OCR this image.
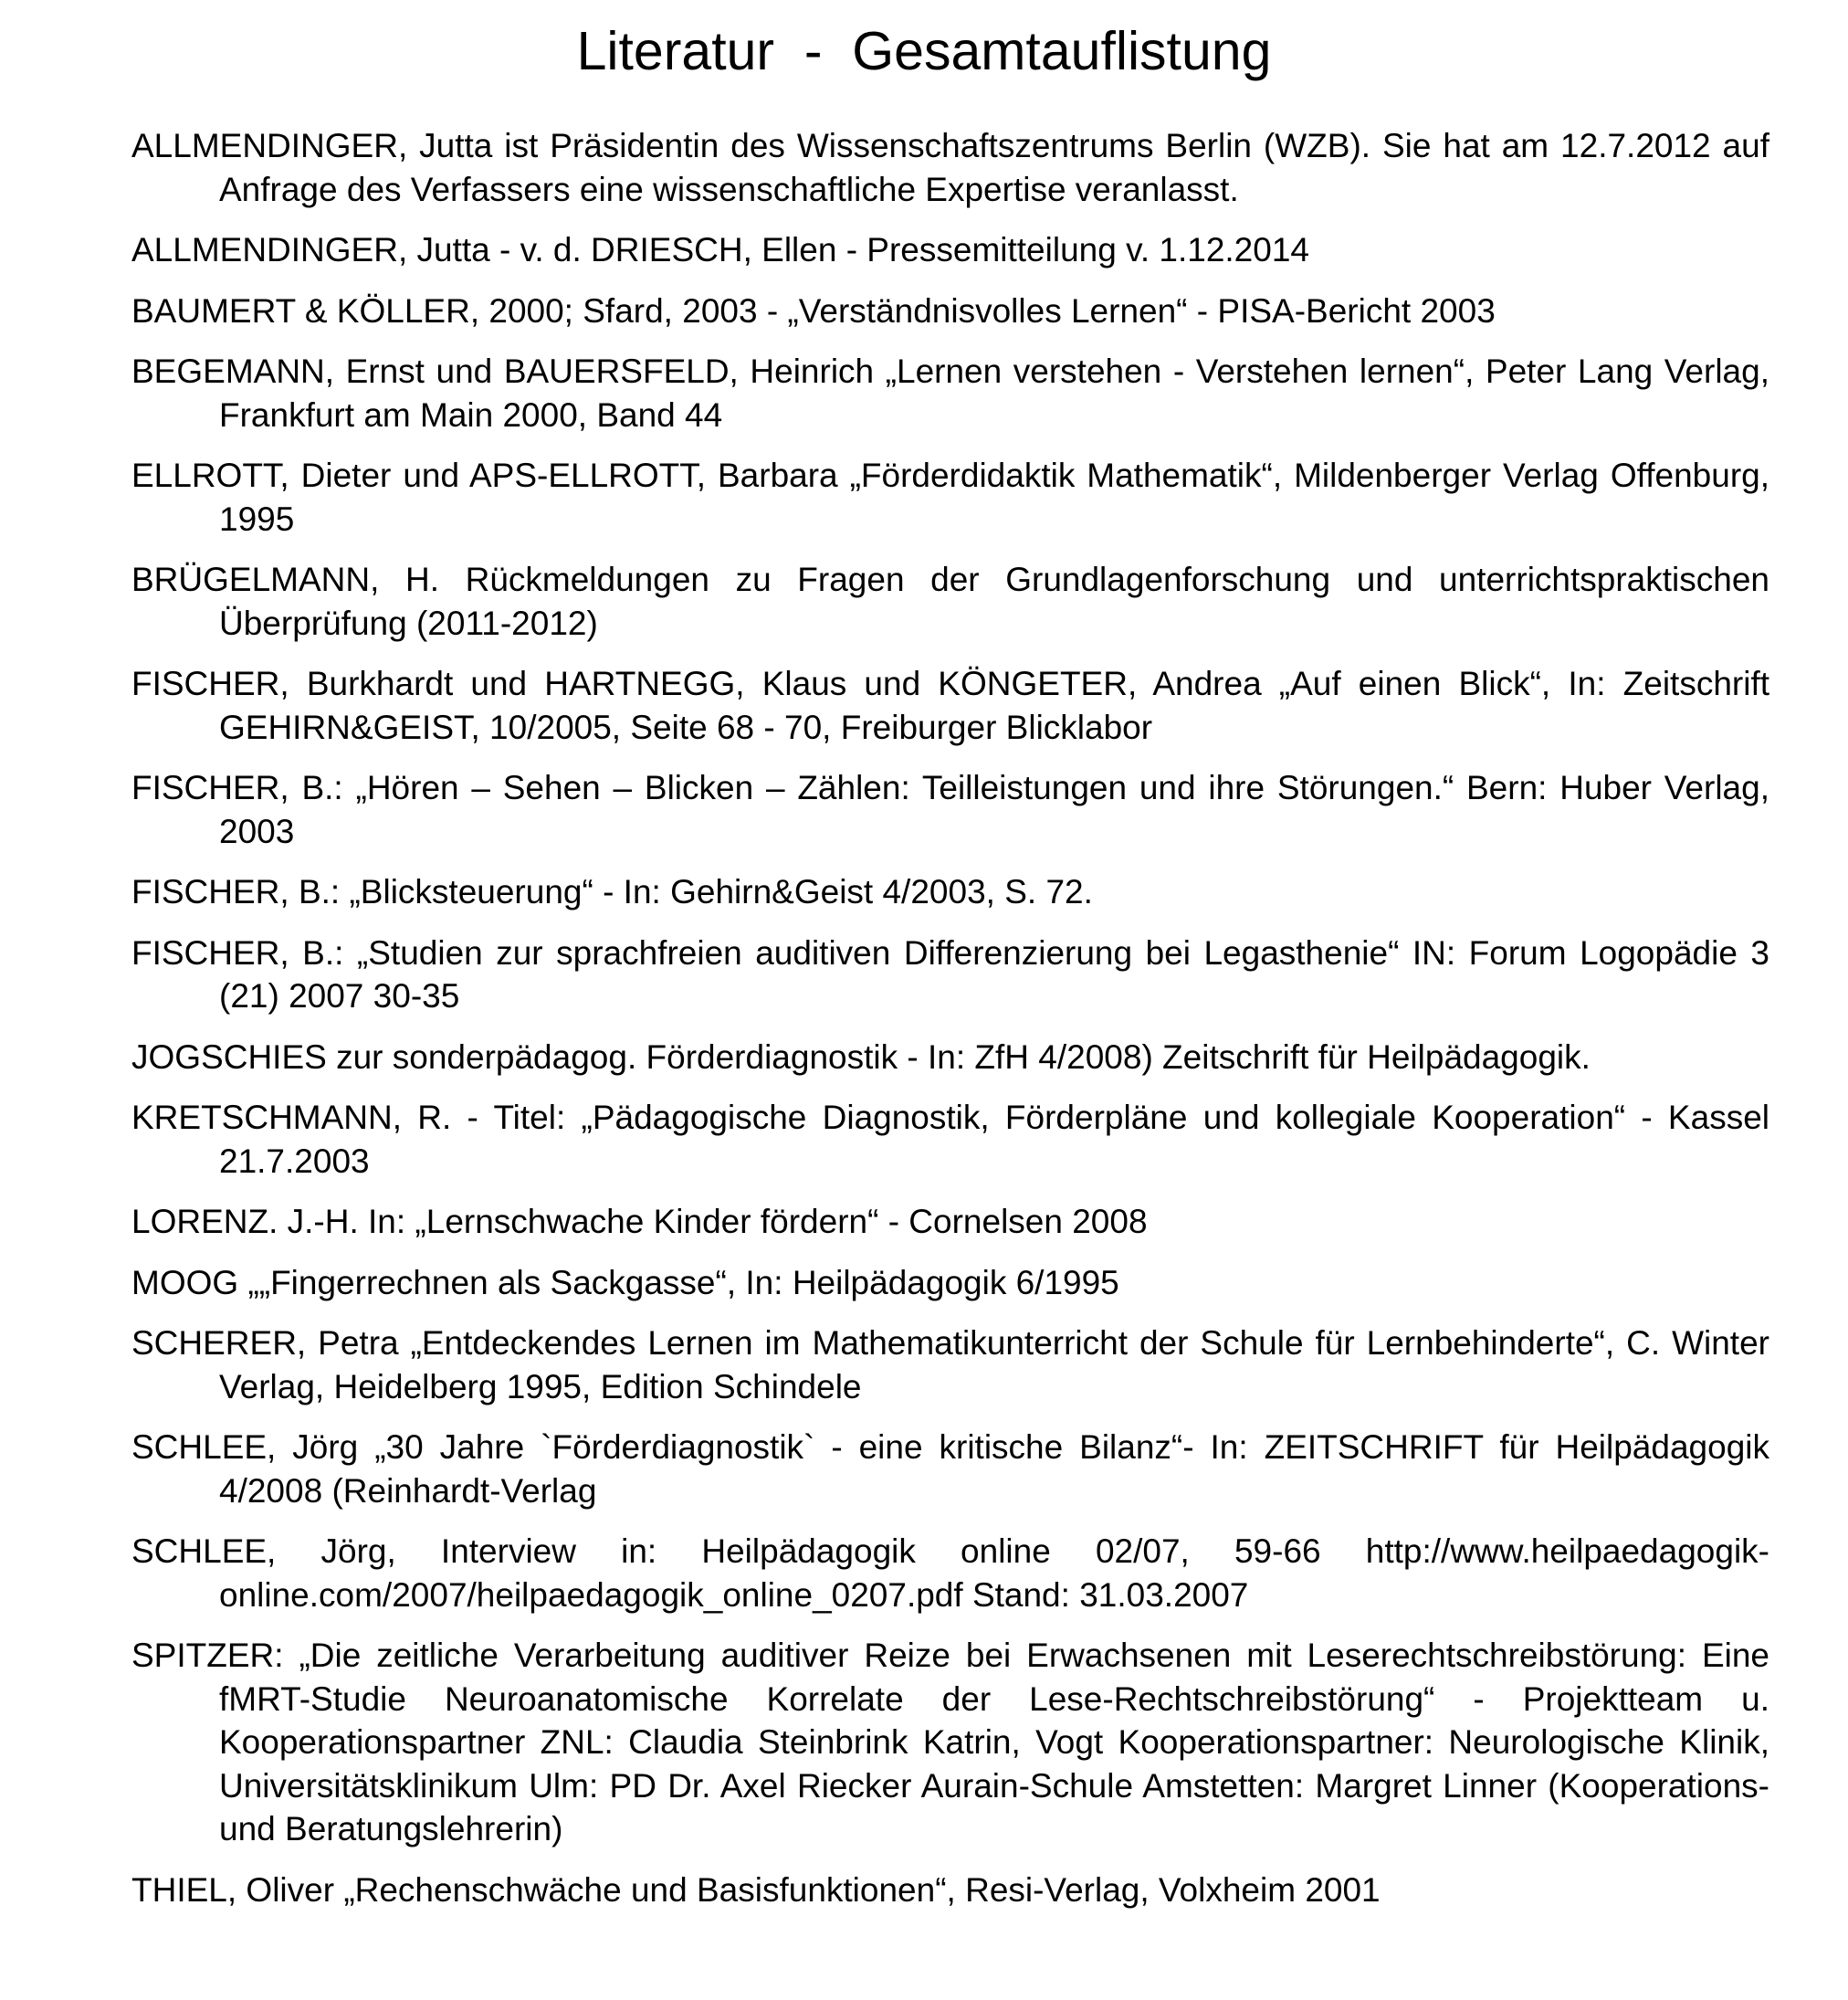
Literatur  -  Gesamtauflistung

ALLMENDINGER, Jutta ist Präsidentin des Wissenschaftszentrums Berlin (WZB). Sie hat am 12.7.2012 auf Anfrage des Verfassers eine wissenschaftliche Expertise veranlasst.

ALLMENDINGER, Jutta - v. d. DRIESCH, Ellen - Pressemitteilung v. 1.12.2014

BAUMERT & KÖLLER, 2000; Sfard, 2003 - „Verständnisvolles Lernen“ - PISA-Bericht 2003

BEGEMANN, Ernst und BAUERSFELD, Heinrich „Lernen verstehen - Verstehen lernen“, Peter Lang Verlag, Frankfurt am Main 2000, Band 44

ELLROTT, Dieter und APS-ELLROTT, Barbara „Förderdidaktik Mathematik“, Mildenberger Verlag Offenburg, 1995

BRÜGELMANN, H. Rückmeldungen zu Fragen der Grundlagenforschung und unterrichtspraktischen Überprüfung (2011-2012)

FISCHER, Burkhardt und HARTNEGG, Klaus und KÖNGETER, Andrea „Auf einen Blick“, In: Zeitschrift GEHIRN&GEIST, 10/2005, Seite 68 - 70, Freiburger Blicklabor

FISCHER, B.: „Hören – Sehen – Blicken – Zählen: Teilleistungen und ihre Störungen.“ Bern: Huber Verlag, 2003

FISCHER, B.: „Blicksteuerung“ - In: Gehirn&Geist 4/2003, S. 72.

FISCHER, B.: „Studien zur sprachfreien auditiven Differenzierung bei Legasthenie“ IN: Forum Logopädie 3 (21) 2007 30-35

JOGSCHIES zur sonderpädagog. Förderdiagnostik - In: ZfH 4/2008) Zeitschrift für Heilpädagogik.

KRETSCHMANN, R. - Titel: „Pädagogische Diagnostik, Förderpläne und kollegiale Kooperation“ - Kassel 21.7.2003

LORENZ. J.-H. In: „Lernschwache Kinder fördern“ - Cornelsen 2008

MOOG „„Fingerrechnen als Sackgasse“, In: Heilpädagogik 6/1995

SCHERER, Petra „Entdeckendes Lernen im Mathematikunterricht der Schule für Lernbehinderte“, C. Winter Verlag, Heidelberg 1995, Edition Schindele

SCHLEE, Jörg „30 Jahre `Förderdiagnostik` - eine kritische Bilanz“- In: ZEITSCHRIFT für Heilpädagogik 4/2008 (Reinhardt-Verlag

SCHLEE, Jörg, Interview in: Heilpädagogik online 02/07, 59-66 http://www.heilpaedagogik-online.com/2007/heilpaedagogik_online_0207.pdf Stand: 31.03.2007

SPITZER: „Die zeitliche Verarbeitung auditiver Reize bei Erwachsenen mit Leserechtschreibstörung: Eine fMRT-Studie Neuroanatomische Korrelate der Lese-Rechtschreibstörung“ - Projektteam u. Kooperationspartner ZNL: Claudia Steinbrink Katrin, Vogt Kooperationspartner: Neurologische Klinik, Universitätsklinikum Ulm: PD Dr. Axel Riecker Aurain-Schule Amstetten: Margret Linner (Kooperations- und Beratungslehrerin)

THIEL, Oliver „Rechenschwäche und Basisfunktionen“, Resi-Verlag, Volxheim 2001
